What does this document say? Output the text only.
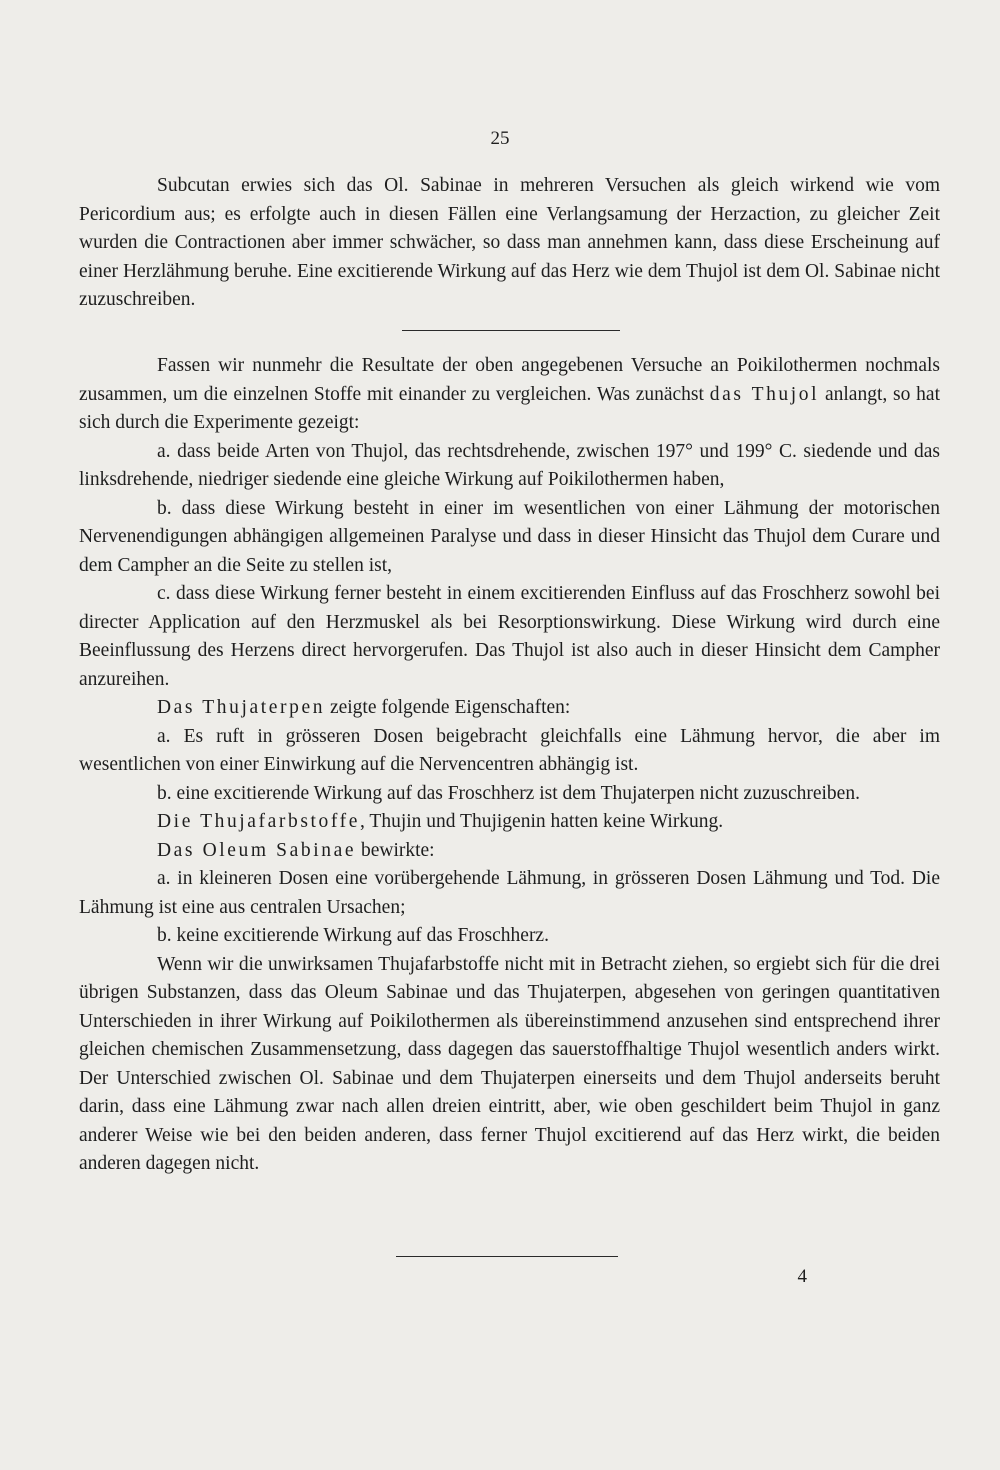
25

Subcutan erwies sich das Ol. Sabinae in mehreren Versuchen als gleich wirkend wie vom Pericordium aus; es erfolgte auch in diesen Fällen eine Verlangsamung der Herzaction, zu gleicher Zeit wurden die Contractionen aber immer schwächer, so dass man annehmen kann, dass diese Erscheinung auf einer Herzlähmung beruhe. Eine excitierende Wirkung auf das Herz wie dem Thujol ist dem Ol. Sabinae nicht zuzuschreiben.

Fassen wir nunmehr die Resultate der oben angegebenen Versuche an Poikilothermen nochmals zusammen, um die einzelnen Stoffe mit einander zu vergleichen. Was zunächst das Thujol anlangt, so hat sich durch die Experimente gezeigt:

a. dass beide Arten von Thujol, das rechtsdrehende, zwischen 197° und 199° C. siedende und das linksdrehende, niedriger siedende eine gleiche Wirkung auf Poikilothermen haben,

b. dass diese Wirkung besteht in einer im wesentlichen von einer Lähmung der motorischen Nervenendigungen abhängigen allgemeinen Paralyse und dass in dieser Hinsicht das Thujol dem Curare und dem Campher an die Seite zu stellen ist,

c. dass diese Wirkung ferner besteht in einem excitierenden Einfluss auf das Froschherz sowohl bei directer Application auf den Herzmuskel als bei Resorptionswirkung. Diese Wirkung wird durch eine Beeinflussung des Herzens direct hervorgerufen. Das Thujol ist also auch in dieser Hinsicht dem Campher anzureihen.

Das Thujaterpen zeigte folgende Eigenschaften:

a. Es ruft in grösseren Dosen beigebracht gleichfalls eine Lähmung hervor, die aber im wesentlichen von einer Einwirkung auf die Nervencentren abhängig ist.

b. eine excitierende Wirkung auf das Froschherz ist dem Thujaterpen nicht zuzuschreiben.

Die Thujafarbstoffe, Thujin und Thujigenin hatten keine Wirkung.

Das Oleum Sabinae bewirkte:

a. in kleineren Dosen eine vorübergehende Lähmung, in grösseren Dosen Lähmung und Tod. Die Lähmung ist eine aus centralen Ursachen;

b. keine excitierende Wirkung auf das Froschherz.

Wenn wir die unwirksamen Thujafarbstoffe nicht mit in Betracht ziehen, so ergiebt sich für die drei übrigen Substanzen, dass das Oleum Sabinae und das Thujaterpen, abgesehen von geringen quantitativen Unterschieden in ihrer Wirkung auf Poikilothermen als übereinstimmend anzusehen sind entsprechend ihrer gleichen chemischen Zusammensetzung, dass dagegen das sauerstoffhaltige Thujol wesentlich anders wirkt. Der Unterschied zwischen Ol. Sabinae und dem Thujaterpen einerseits und dem Thujol anderseits beruht darin, dass eine Lähmung zwar nach allen dreien eintritt, aber, wie oben geschildert beim Thujol in ganz anderer Weise wie bei den beiden anderen, dass ferner Thujol excitierend auf das Herz wirkt, die beiden anderen dagegen nicht.

4
